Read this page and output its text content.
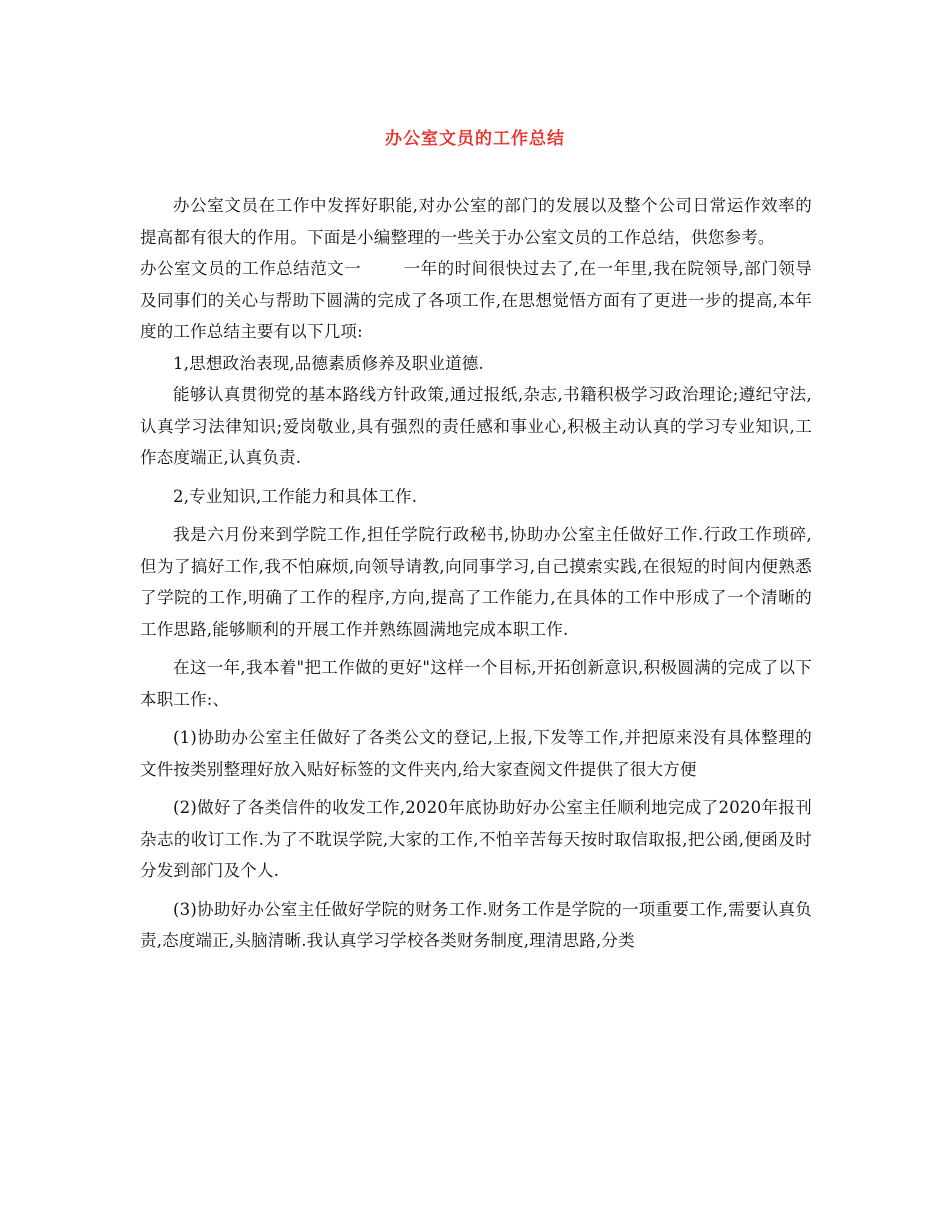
办公室文员的工作总结

办公室文员在工作中发挥好职能,对办公室的部门的发展以及整个公司日常运作效率的提高都有很大的作用。下面是小编整理的一些关于办公室文员的工作总结，供您参考。

办公室文员的工作总结范文一	一年的时间很快过去了,在一年里,我在院领导,部门领导及同事们的关心与帮助下圆满的完成了各项工作,在思想觉悟方面有了更进一步的提高,本年度的工作总结主要有以下几项:

1,思想政治表现,品德素质修养及职业道德.

能够认真贯彻党的基本路线方针政策,通过报纸,杂志,书籍积极学习政治理论;遵纪守法,认真学习法律知识;爱岗敬业,具有强烈的责任感和事业心,积极主动认真的学习专业知识,工作态度端正,认真负责.

2,专业知识,工作能力和具体工作.

我是六月份来到学院工作,担任学院行政秘书,协助办公室主任做好工作.行政工作琐碎,但为了搞好工作,我不怕麻烦,向领导请教,向同事学习,自己摸索实践,在很短的时间内便熟悉了学院的工作,明确了工作的程序,方向,提高了工作能力,在具体的工作中形成了一个清晰的工作思路,能够顺利的开展工作并熟练圆满地完成本职工作.

在这一年,我本着"把工作做的更好"这样一个目标,开拓创新意识,积极圆满的完成了以下本职工作:、

(1)协助办公室主任做好了各类公文的登记,上报,下发等工作,并把原来没有具体整理的文件按类别整理好放入贴好标签的文件夹内,给大家查阅文件提供了很大方便

(2)做好了各类信件的收发工作,2020年底协助好办公室主任顺利地完成了2020年报刊杂志的收订工作.为了不耽误学院,大家的工作,不怕辛苦每天按时取信取报,把公函,便函及时分发到部门及个人.

(3)协助好办公室主任做好学院的财务工作.财务工作是学院的一项重要工作,需要认真负责,态度端正,头脑清晰.我认真学习学校各类财务制度,理清思路,分类
